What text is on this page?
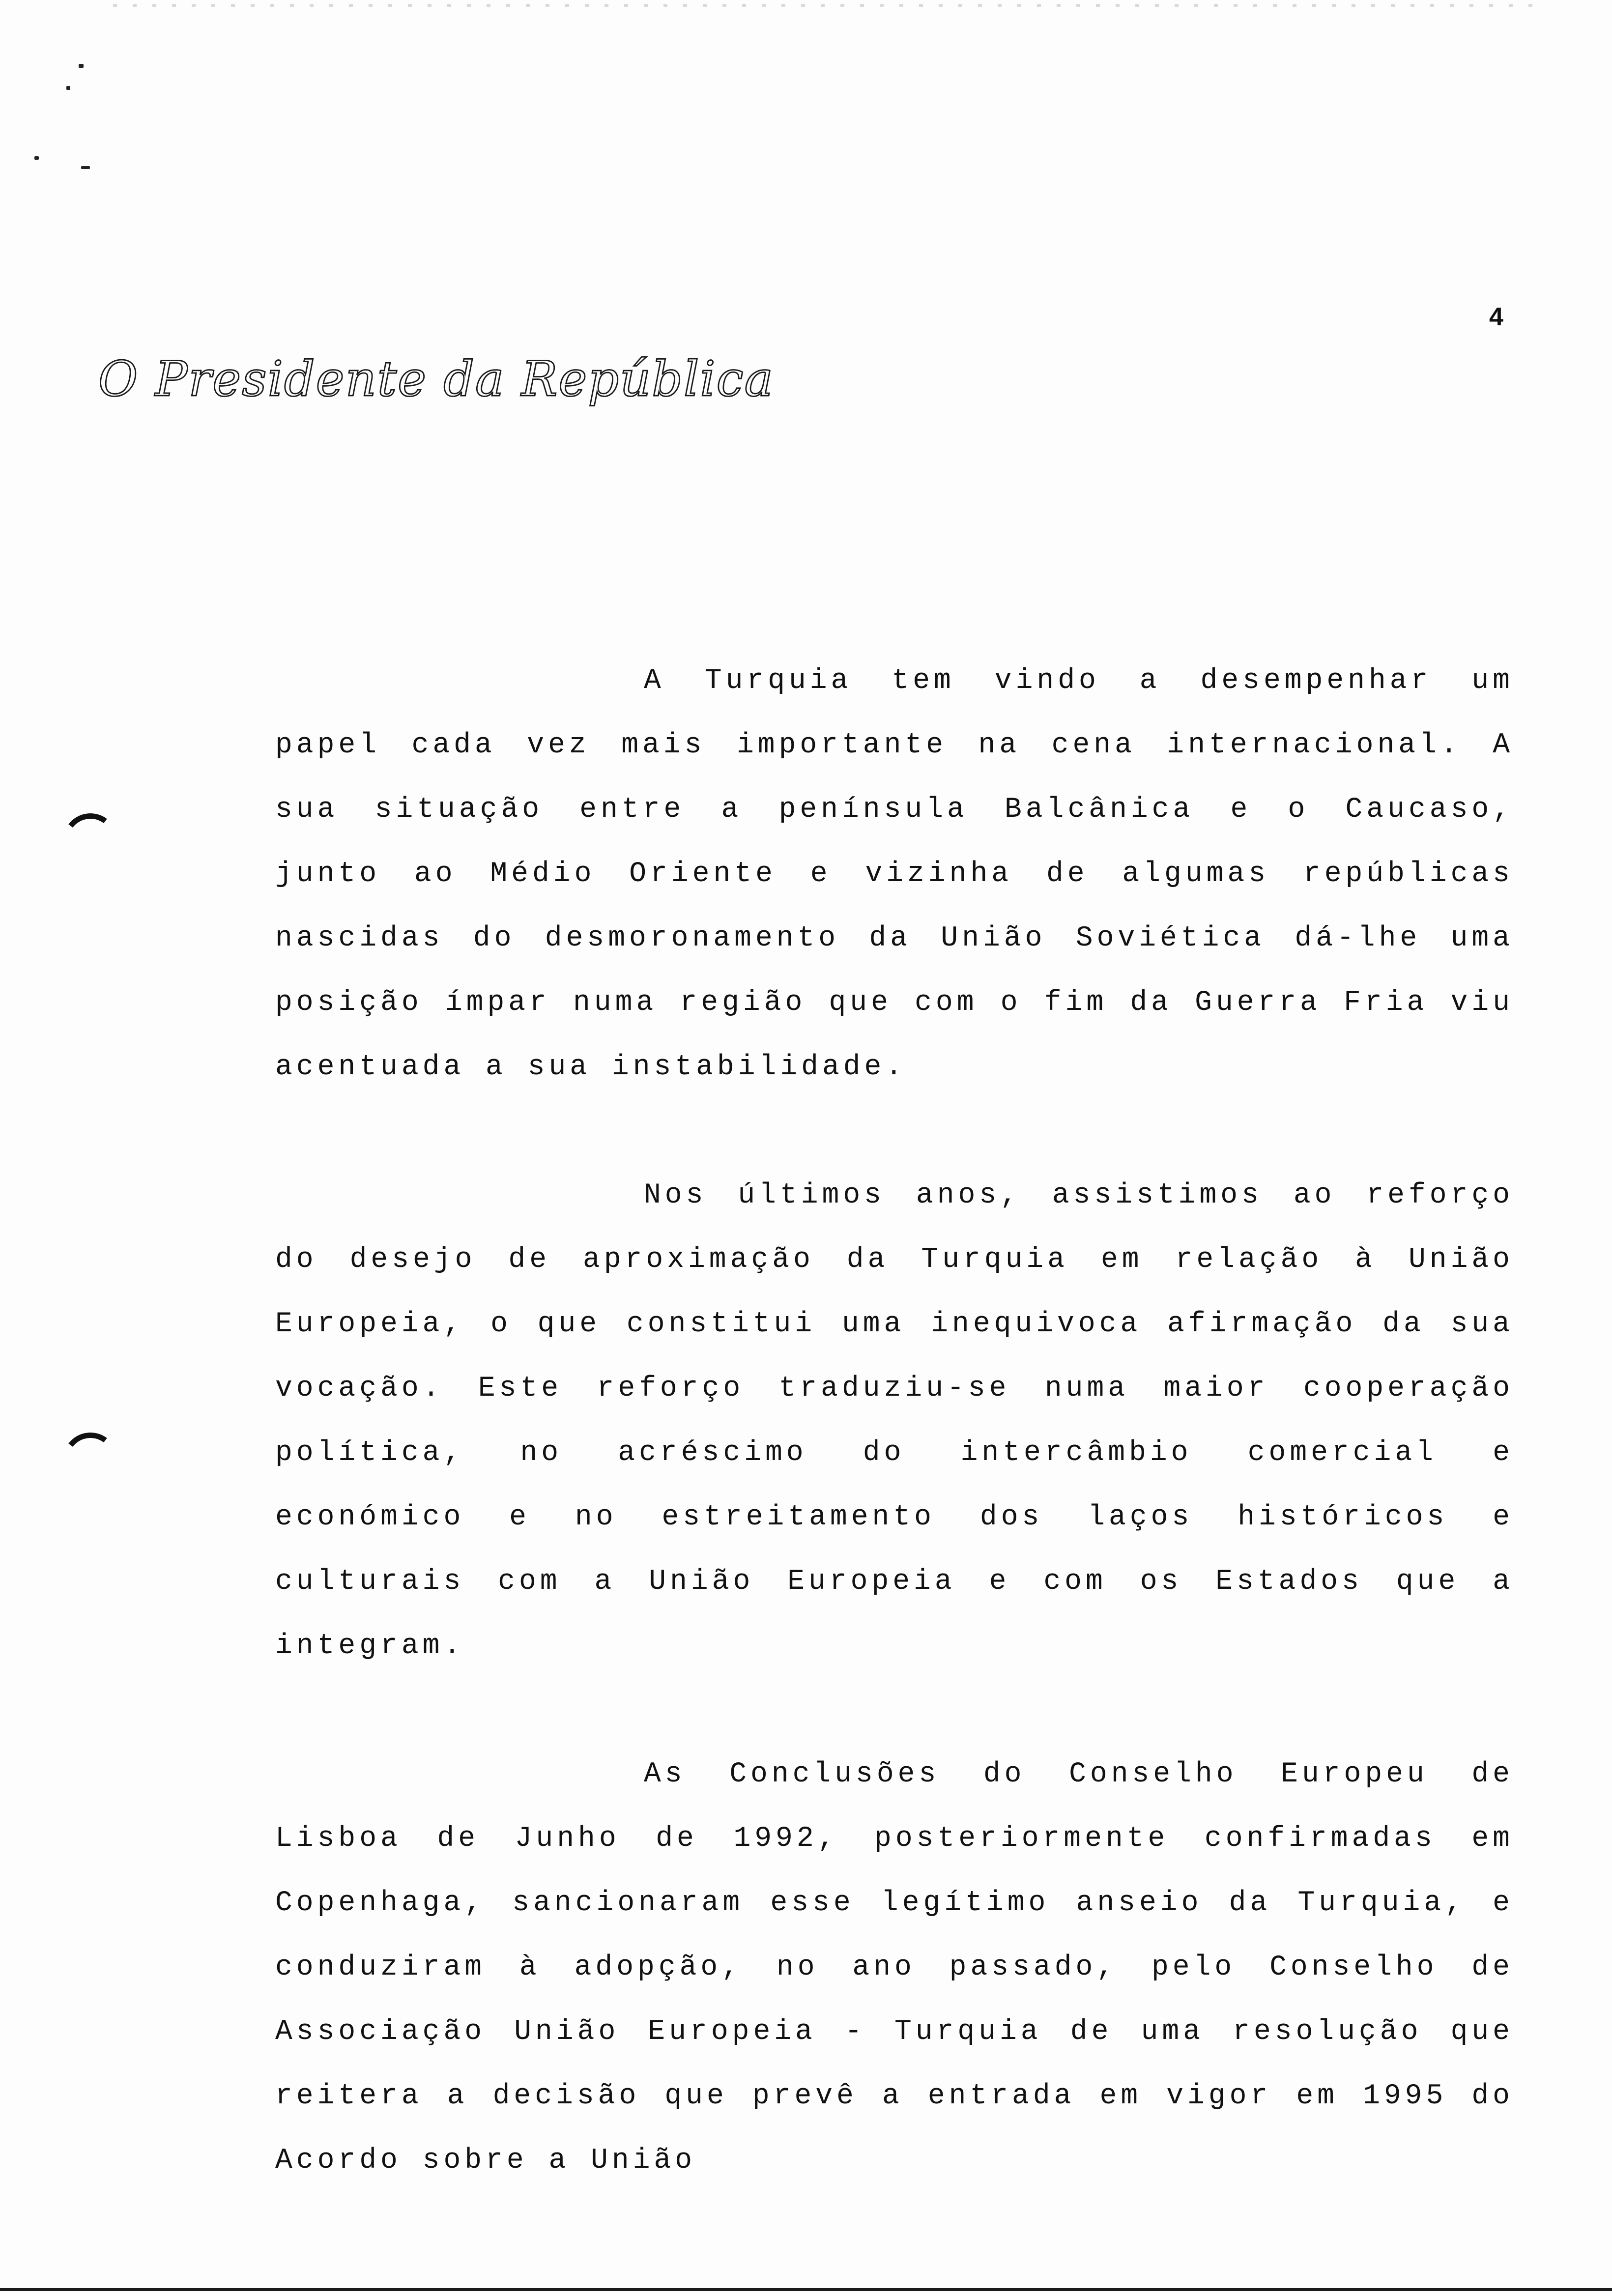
4
O Presidente da República

A Turquia tem vindo a desempenhar um papel cada vez mais importante na cena internacional. A sua situação entre a península Balcânica e o Caucaso, junto ao Médio Oriente e vizinha de algumas repúblicas nascidas do desmoronamento da União Soviética dá-lhe uma posição ímpar numa região que com o fim da Guerra Fria viu acentuada a sua instabilidade.

Nos últimos anos, assistimos ao reforço do desejo de aproximação da Turquia em relação à União Europeia, o que constitui uma inequivoca afirmação da sua vocação. Este reforço traduziu-se numa maior cooperação política, no acréscimo do intercâmbio comercial e económico e no estreitamento dos laços históricos e culturais com a União Europeia e com os Estados que a integram.

As Conclusões do Conselho Europeu de Lisboa de Junho de 1992, posteriormente confirmadas em Copenhaga, sancionaram esse legítimo anseio da Turquia, e conduziram à adopção, no ano passado, pelo Conselho de Associação União Europeia - Turquia de uma resolução que reitera a decisão que prevê a entrada em vigor em 1995 do Acordo sobre a União
